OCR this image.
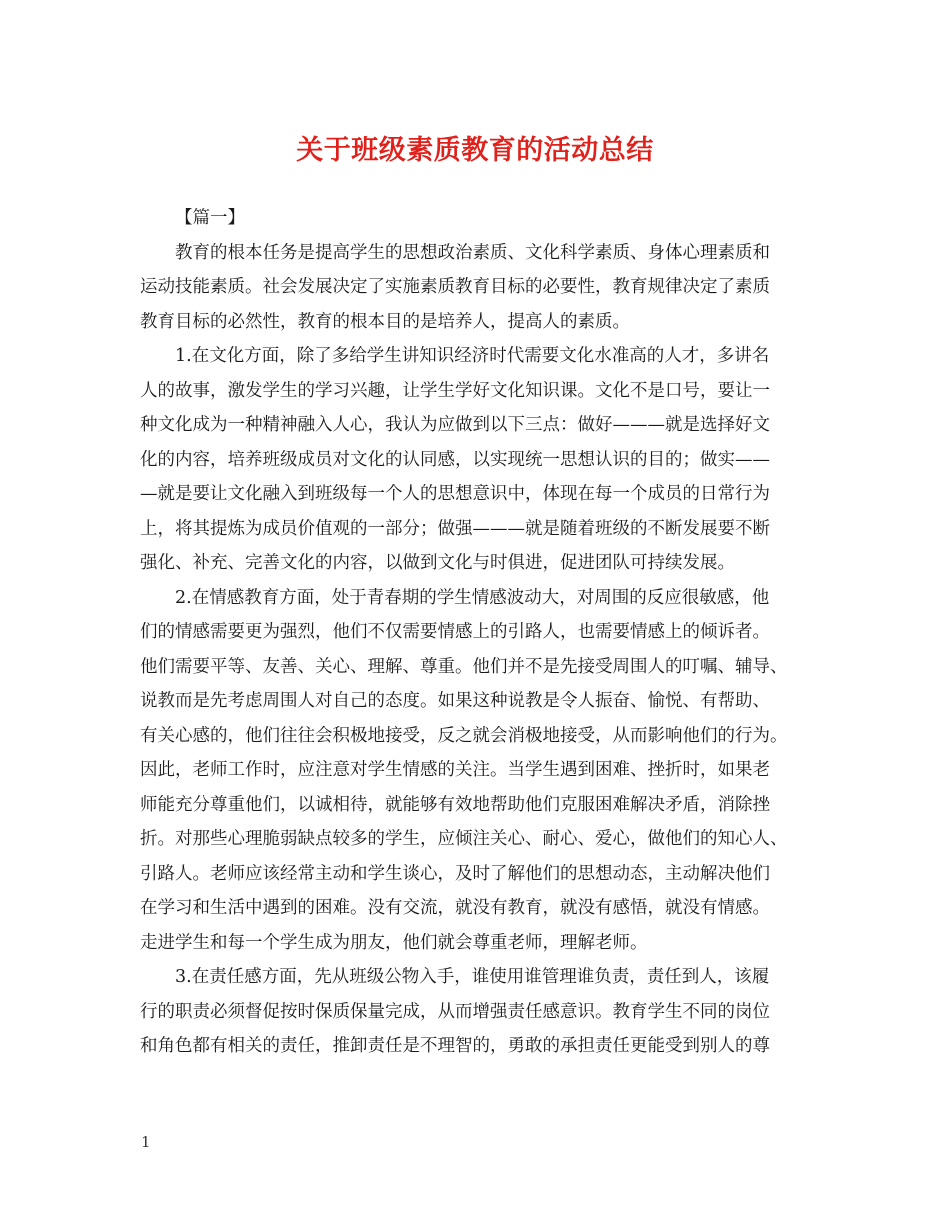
关于班级素质教育的活动总结
【篇一】
教育的根本任务是提高学生的思想政治素质、文化科学素质、身体心理素质和
运动技能素质。社会发展决定了实施素质教育目标的必要性，教育规律决定了素质
教育目标的必然性，教育的根本目的是培养人，提高人的素质。
1.在文化方面，除了多给学生讲知识经济时代需要文化水准高的人才，多讲名
人的故事，激发学生的学习兴趣，让学生学好文化知识课。文化不是口号，要让一
种文化成为一种精神融入人心，我认为应做到以下三点：做好———就是选择好文
化的内容，培养班级成员对文化的认同感，以实现统一思想认识的目的；做实——
—就是要让文化融入到班级每一个人的思想意识中，体现在每一个成员的日常行为
上，将其提炼为成员价值观的一部分；做强———就是随着班级的不断发展要不断
强化、补充、完善文化的内容，以做到文化与时俱进，促进团队可持续发展。
2.在情感教育方面，处于青春期的学生情感波动大，对周围的反应很敏感，他
们的情感需要更为强烈，他们不仅需要情感上的引路人，也需要情感上的倾诉者。
他们需要平等、友善、关心、理解、尊重。他们并不是先接受周围人的叮嘱、辅导、
说教而是先考虑周围人对自己的态度。如果这种说教是令人振奋、愉悦、有帮助、
有关心感的，他们往往会积极地接受，反之就会消极地接受，从而影响他们的行为。
因此，老师工作时，应注意对学生情感的关注。当学生遇到困难、挫折时，如果老
师能充分尊重他们，以诚相待，就能够有效地帮助他们克服困难解决矛盾，消除挫
折。对那些心理脆弱缺点较多的学生，应倾注关心、耐心、爱心，做他们的知心人、
引路人。老师应该经常主动和学生谈心，及时了解他们的思想动态，主动解决他们
在学习和生活中遇到的困难。没有交流，就没有教育，就没有感悟，就没有情感。
走进学生和每一个学生成为朋友，他们就会尊重老师，理解老师。
3.在责任感方面，先从班级公物入手，谁使用谁管理谁负责，责任到人，该履
行的职责必须督促按时保质保量完成，从而增强责任感意识。教育学生不同的岗位
和角色都有相关的责任，推卸责任是不理智的，勇敢的承担责任更能受到别人的尊
1
